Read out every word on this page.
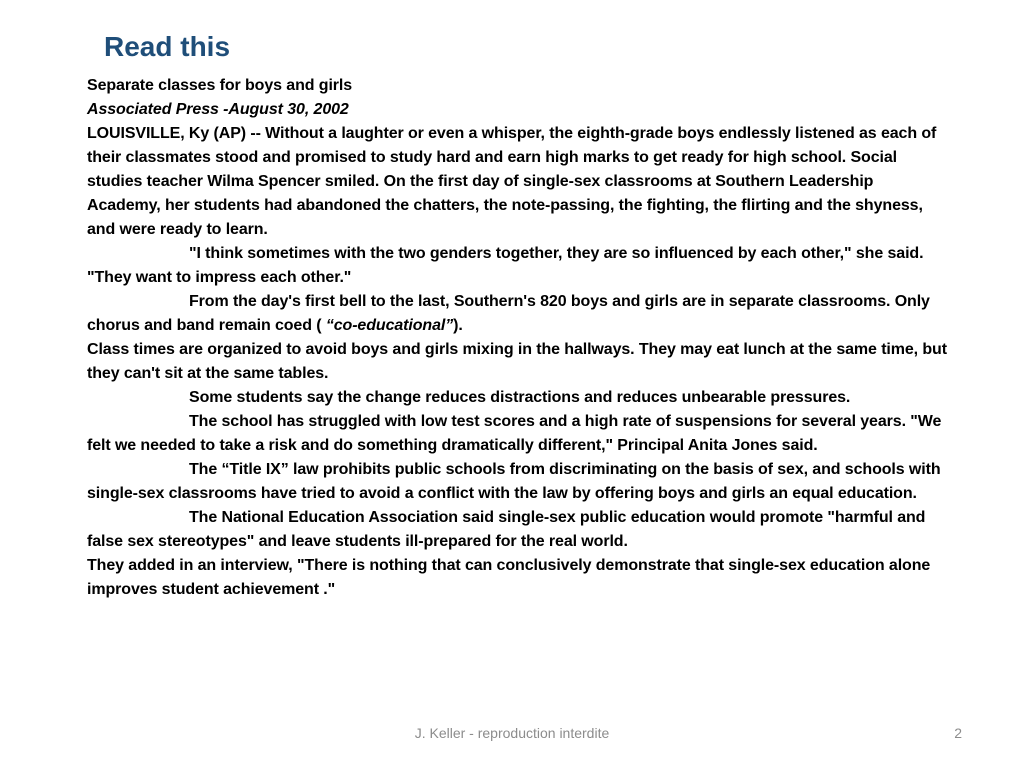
Read this

Separate classes for boys and girls

Associated Press -August 30, 2002

LOUISVILLE, Ky (AP) -- Without a laughter or even a whisper, the eighth-grade boys endlessly listened as each of their classmates stood and promised to study hard and earn high marks to get ready for high school. Social studies teacher Wilma Spencer smiled. On the first day of single-sex classrooms at Southern Leadership Academy, her students had abandoned the chatters, the note-passing, the fighting, the flirting and the shyness, and were ready to learn.

"I think sometimes with the two genders together, they are so influenced by each other," she said. "They want to impress each other."

From the day's first bell to the last, Southern's 820 boys and girls are in separate classrooms. Only chorus and band remain coed ( “co-educational”).

Class times are organized to avoid boys and girls mixing in the hallways. They may eat lunch at the same time, but they can't sit at the same tables.

Some students say the change reduces distractions and reduces unbearable pressures.

The school has struggled with low test scores and a high rate of suspensions for several years. "We felt we needed to take a risk and do something dramatically different," Principal Anita Jones said.

The “Title IX” law prohibits public schools from discriminating on the basis of sex, and schools with single-sex classrooms have tried to avoid a conflict with the law by offering boys and girls an equal education.

The National Education Association said single-sex public education would promote "harmful and false sex stereotypes" and leave students ill-prepared for the real world.

They added in an interview, "There is nothing that can conclusively demonstrate that single-sex education alone improves student achievement ."

J. Keller - reproduction interdite	2
